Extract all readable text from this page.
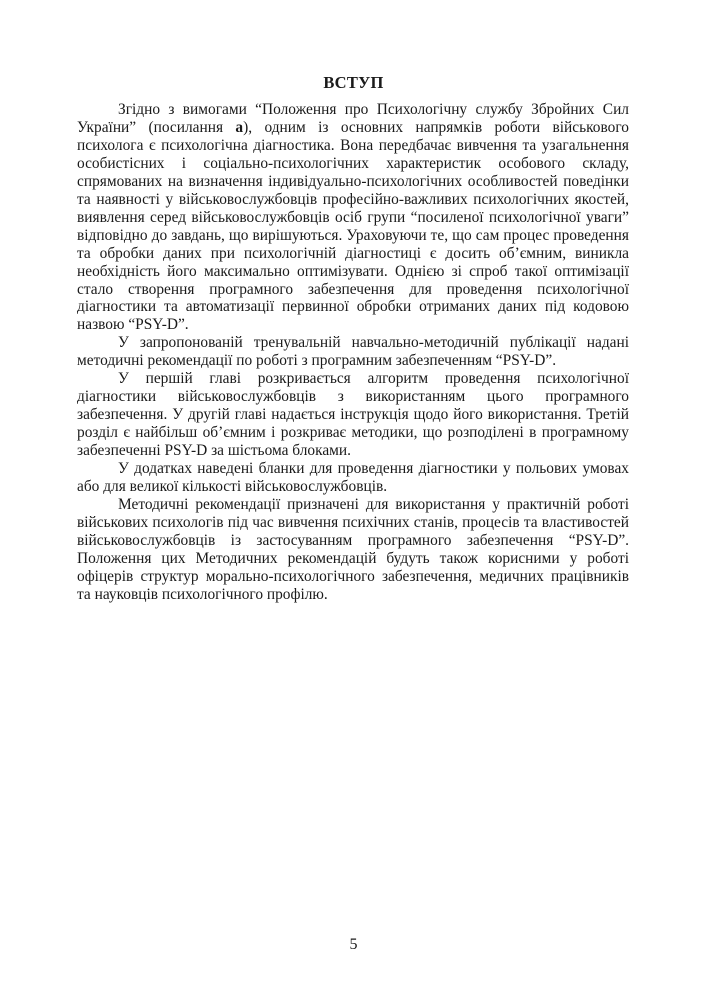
ВСТУП

Згідно з вимогами “Положення про Психологічну службу Збройних Сил України” (посилання а), одним із основних напрямків роботи військового психолога є психологічна діагностика. Вона передбачає вивчення та узагальнення особистісних і соціально-психологічних характеристик особового складу, спрямованих на визначення індивідуально-психологічних особливостей поведінки та наявності у військовослужбовців професійно-важливих психологічних якостей, виявлення серед військовослужбовців осіб групи “посиленої психологічної уваги” відповідно до завдань, що вирішуються. Ураховуючи те, що сам процес проведення та обробки даних при психологічній діагностиці є досить об’ємним, виникла необхідність його максимально оптимізувати. Однією зі спроб такої оптимізації стало створення програмного забезпечення для проведення психологічної діагностики та автоматизації первинної обробки отриманих даних під кодовою назвою “PSY-D”.

У запропонованій тренувальній навчально-методичній публікації надані методичні рекомендації по роботі з програмним забезпеченням “PSY-D”.

У першій главі розкривається алгоритм проведення психологічної діагностики військовослужбовців з використанням цього програмного забезпечення. У другій главі надається інструкція щодо його використання. Третій розділ є найбільш об’ємним і розкриває методики, що розподілені в програмному забезпеченні PSY-D за шістьома блоками.

У додатках наведені бланки для проведення діагностики у польових умовах або для великої кількості військовослужбовців.

Методичні рекомендації призначені для використання у практичній роботі військових психологів під час вивчення психічних станів, процесів та властивостей військовослужбовців із застосуванням програмного забезпечення “PSY-D”. Положення цих Методичних рекомендацій будуть також корисними у роботі офіцерів структур морально-психологічного забезпечення, медичних працівників та науковців психологічного профілю.

5
